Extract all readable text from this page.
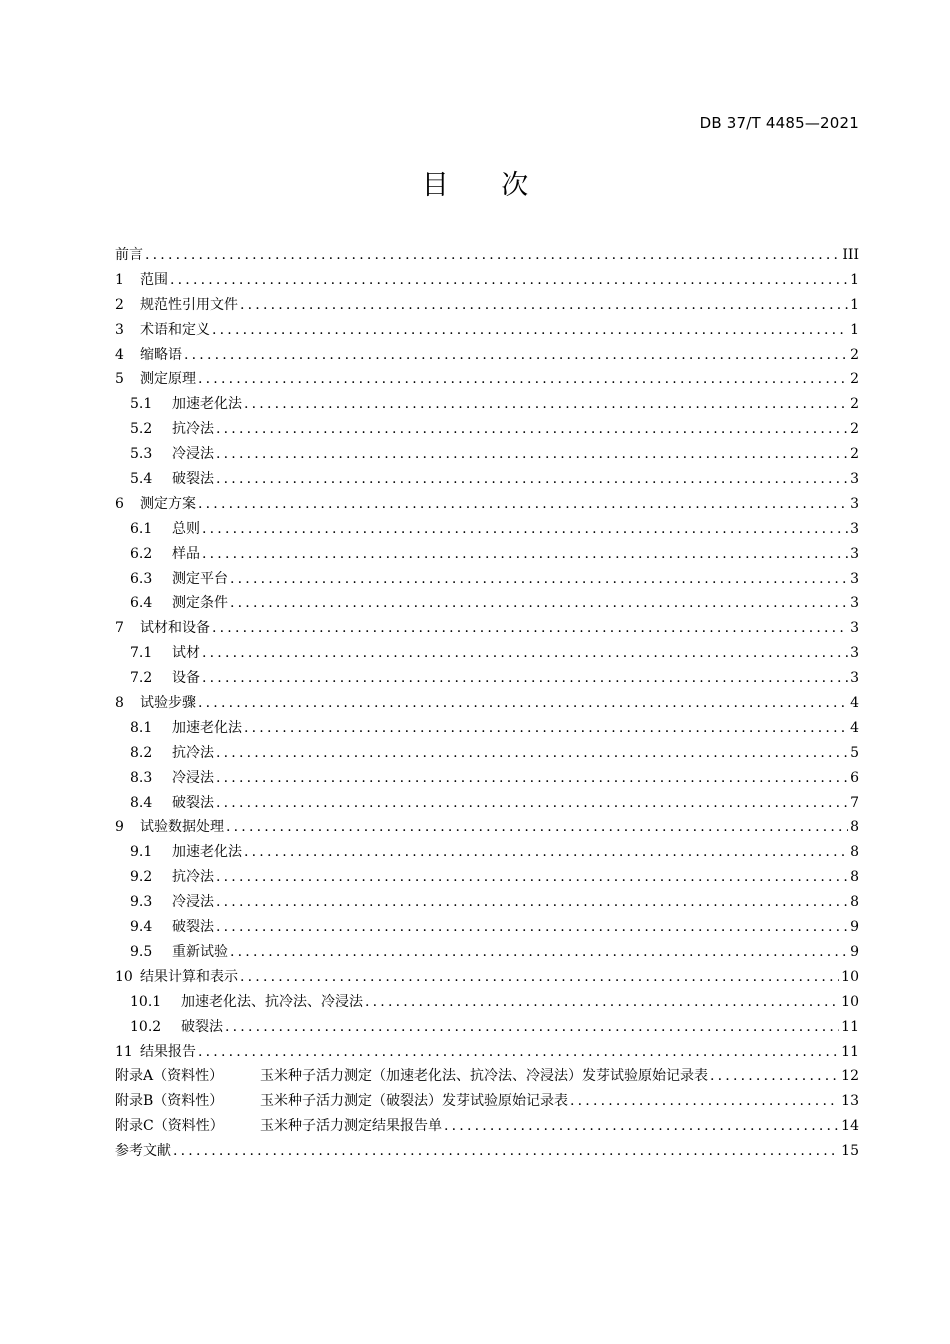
DB 37/T 4485—2021
目 次
前言 .....	III
1	范围 .....	1
2	规范性引用文件 .....	1
3	术语和定义 .....	1
4	缩略语 .....	2
5	测定原理 .....	2
5.1	加速老化法 .....	2
5.2	抗冷法 .....	2
5.3	冷浸法 .....	2
5.4	破裂法 .....	3
6	测定方案 .....	3
6.1	总则 .....	3
6.2	样品 .....	3
6.3	测定平台 .....	3
6.4	测定条件 .....	3
7	试材和设备 .....	3
7.1	试材 .....	3
7.2	设备 .....	3
8	试验步骤 .....	4
8.1	加速老化法 .....	4
8.2	抗冷法 .....	5
8.3	冷浸法 .....	6
8.4	破裂法 .....	7
9	试验数据处理 .....	8
9.1	加速老化法 .....	8
9.2	抗冷法 .....	8
9.3	冷浸法 .....	8
9.4	破裂法 .....	9
9.5	重新试验 .....	9
10 结果计算和表示 .....	10
10.1	加速老化法、抗冷法、冷浸法 .....	10
10.2	破裂法 .....	11
11 结果报告 .....	11
附录A（资料性）	玉米种子活力测定（加速老化法、抗冷法、冷浸法）发芽试验原始记录表 .....	12
附录B（资料性）	玉米种子活力测定（破裂法）发芽试验原始记录表 .....	13
附录C（资料性）	玉米种子活力测定结果报告单 .....	14
参考文献 .....	15
